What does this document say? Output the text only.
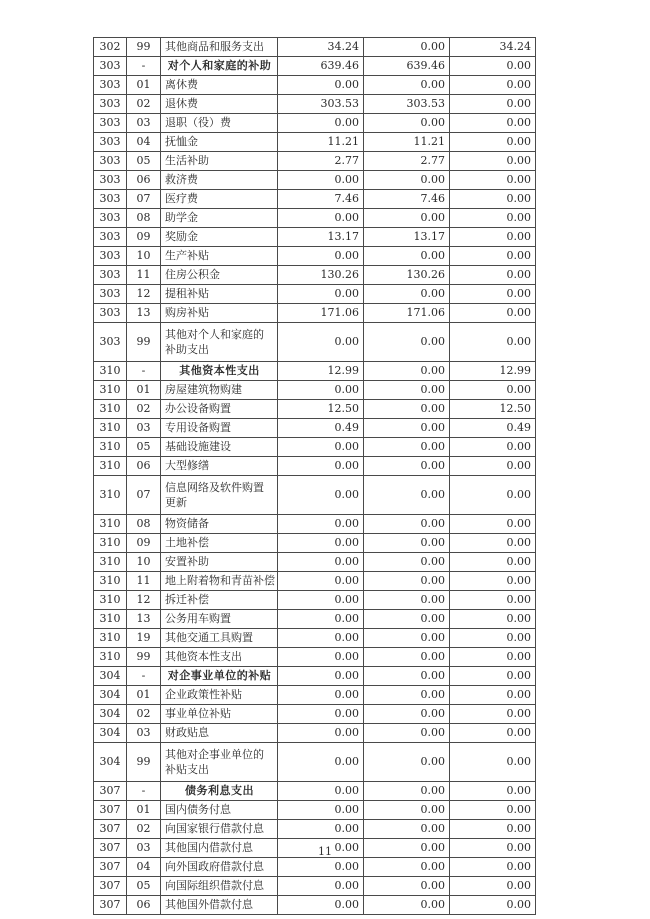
302	99	其他商品和服务支出	34.24	0.00	34.24
303	-	对个人和家庭的补助	639.46	639.46	0.00
303	01	离休费	0.00	0.00	0.00
303	02	退休费	303.53	303.53	0.00
303	03	退职（役）费	0.00	0.00	0.00
303	04	抚恤金	11.21	11.21	0.00
303	05	生活补助	2.77	2.77	0.00
303	06	救济费	0.00	0.00	0.00
303	07	医疗费	7.46	7.46	0.00
303	08	助学金	0.00	0.00	0.00
303	09	奖励金	13.17	13.17	0.00
303	10	生产补贴	0.00	0.00	0.00
303	11	住房公积金	130.26	130.26	0.00
303	12	提租补贴	0.00	0.00	0.00
303	13	购房补贴	171.06	171.06	0.00
303	99	其他对个人和家庭的补助支出	0.00	0.00	0.00
310	-	其他资本性支出	12.99	0.00	12.99
310	01	房屋建筑物购建	0.00	0.00	0.00
310	02	办公设备购置	12.50	0.00	12.50
310	03	专用设备购置	0.49	0.00	0.49
310	05	基础设施建设	0.00	0.00	0.00
310	06	大型修缮	0.00	0.00	0.00
310	07	信息网络及软件购置更新	0.00	0.00	0.00
310	08	物资储备	0.00	0.00	0.00
310	09	土地补偿	0.00	0.00	0.00
310	10	安置补助	0.00	0.00	0.00
310	11	地上附着物和青苗补偿	0.00	0.00	0.00
310	12	拆迁补偿	0.00	0.00	0.00
310	13	公务用车购置	0.00	0.00	0.00
310	19	其他交通工具购置	0.00	0.00	0.00
310	99	其他资本性支出	0.00	0.00	0.00
304	-	对企事业单位的补贴	0.00	0.00	0.00
304	01	企业政策性补贴	0.00	0.00	0.00
304	02	事业单位补贴	0.00	0.00	0.00
304	03	财政贴息	0.00	0.00	0.00
304	99	其他对企事业单位的补贴支出	0.00	0.00	0.00
307	-	债务利息支出	0.00	0.00	0.00
307	01	国内债务付息	0.00	0.00	0.00
307	02	向国家银行借款付息	0.00	0.00	0.00
307	03	其他国内借款付息	0.00	0.00	0.00
307	04	向外国政府借款付息	0.00	0.00	0.00
307	05	向国际组织借款付息	0.00	0.00	0.00
307	06	其他国外借款付息	0.00	0.00	0.00
11
